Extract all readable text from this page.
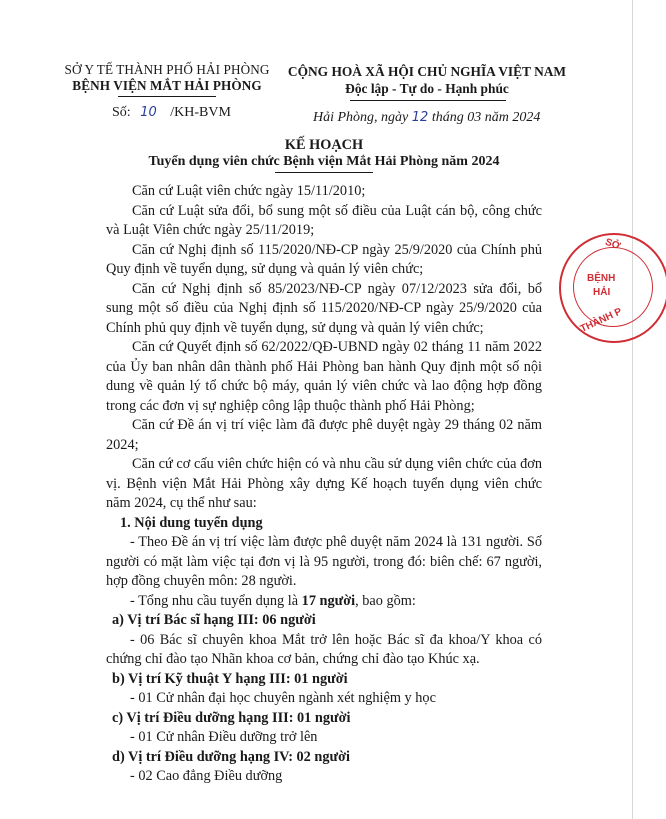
SỞ Y TẾ THÀNH PHỐ HẢI PHÒNG
BỆNH VIỆN MẮT HẢI PHÒNG
Số: 10 /KH-BVM
CỘNG HOÀ XÃ HỘI CHỦ NGHĨA VIỆT NAM
Độc lập - Tự do - Hạnh phúc
Hải Phòng, ngày 12 tháng 03 năm 2024
KẾ HOẠCH
Tuyển dụng viên chức Bệnh viện Mắt Hải Phòng năm 2024

Căn cứ Luật viên chức ngày 15/11/2010;

Căn cứ Luật sửa đổi, bổ sung một số điều của Luật cán bộ, công chức và Luật Viên chức ngày 25/11/2019;

Căn cứ Nghị định số 115/2020/NĐ-CP ngày 25/9/2020 của Chính phủ Quy định về tuyển dụng, sử dụng và quản lý viên chức;

Căn cứ Nghị định số 85/2023/NĐ-CP ngày 07/12/2023 sửa đổi, bổ sung một số điều của Nghị định số 115/2020/NĐ-CP ngày 25/9/2020 của Chính phủ quy định về tuyển dụng, sử dụng và quản lý viên chức;

Căn cứ Quyết định số 62/2022/QĐ-UBND ngày 02 tháng 11 năm 2022 của Ủy ban nhân dân thành phố Hải Phòng ban hành Quy định một số nội dung về quản lý tổ chức bộ máy, quản lý viên chức và lao động hợp đồng trong các đơn vị sự nghiệp công lập thuộc thành phố Hải Phòng;

Căn cứ Đề án vị trí việc làm đã được phê duyệt ngày 29 tháng 02 năm 2024;

Căn cứ cơ cấu viên chức hiện có và nhu cầu sử dụng viên chức của đơn vị. Bệnh viện Mắt Hải Phòng xây dựng Kế hoạch tuyển dụng viên chức năm 2024, cụ thể như sau:

1. Nội dung tuyển dụng

- Theo Đề án vị trí việc làm được phê duyệt năm 2024 là 131 người. Số người có mặt làm việc tại đơn vị là 95 người, trong đó: biên chế: 67 người, hợp đồng chuyên môn: 28 người.

- Tổng nhu cầu tuyển dụng là 17 người, bao gồm:

a) Vị trí Bác sĩ hạng III: 06 người

- 06 Bác sĩ chuyên khoa Mắt trở lên hoặc Bác sĩ đa khoa/Y khoa có chứng chỉ đào tạo Nhãn khoa cơ bản, chứng chỉ đào tạo Khúc xạ.

b) Vị trí Kỹ thuật Y hạng III: 01 người

- 01 Cử nhân đại học chuyên ngành xét nghiệm y học

c) Vị trí Điều dưỡng hạng III: 01 người

- 01 Cử nhân Điều dưỡng trở lên

d) Vị trí Điều dưỡng hạng IV: 02 người

- 02 Cao đẳng Điều dưỡng

SỞ
BỆNH
HẢI
THÀNH P
